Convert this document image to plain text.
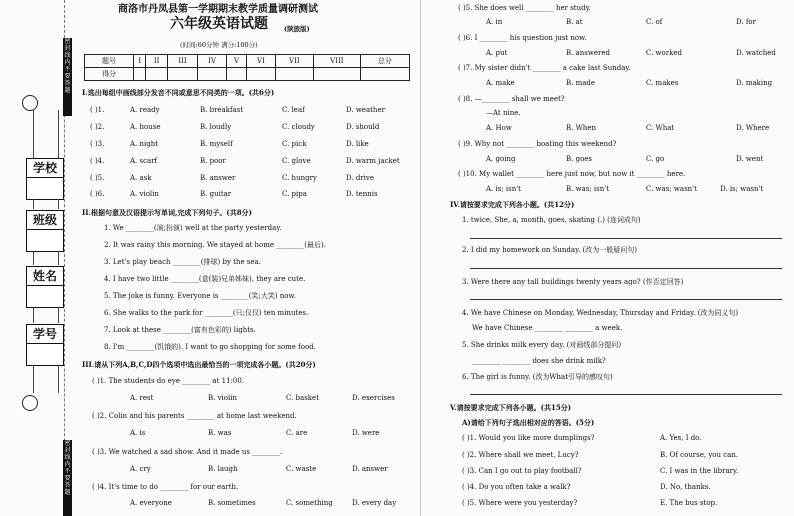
密封线内不要答题
密封线内不要答题
学校
班级
姓名
学号
商洛市丹凤县第一学期期末教学质量调研测试
六年级英语试题 (陕旅版)
(时间:60分钟 满分:100分)
题号	I	II	III	IV	V	VI	VII	VIII	总分
得分									
I.选出每组中画线部分发音不同或意思不同类的一项。(共6分)
( )1.	A. ready	B. breakfast	C. leaf	D. weather
( )2.	A. house	B. loudly	C. cloudy	D. should
( )3.	A. night	B. myself	C. pick	D. like
( )4.	A. scarf	B. poor	C. glove	D. warm jacket
( )5.	A. ask	B. answer	C. hungry	D. drive
( )6.	A. violin	B. guitar	C. pipa	D. tennis
II.根据句意及汉语提示写单词,完成下列句子。(共8分)
1. We ________(演;扮演) well at the party yesterday.
2. It was rainy this morning. We stayed at home ________(最后).
3. Let's play beach ________(排球) by the sea.
4. I have two little ________(盒(装)兄弟姊妹), they are cute.
5. The joke is funny. Everyone is ________(笑;大笑) now.
6. She walks to the park for ________(只;仅仅) ten minutes.
7. Look at these ________(富有色彩的) lights.
8. I'm ________(饥饿的). I want to go shopping for some food.
III.请从下列A,B,C,D四个选项中选出最恰当的一项完成各小题。(共20分)
( )1. The students do eye ________ at 11:00.
A. rest	B. violin	C. basket	D. exercises
( )2. Colin and his parents ________ at home last weekend.
A. is	B. was	C. are	D. were
( )3. We watched a sad show. And it made us ________.
A. cry	B. laugh	C. waste	D. answer
( )4. It's time to do ________ for our earth.
A. everyone	B. sometimes	C. something	D. every day
( )5. She does well ________ her study.
A. in	B. at	C. of	D. for
( )6. I ________ his question just now.
A. put	B. answered	C. worked	D. watched
( )7. My sister didn't ________ a cake last Sunday.
A. make	B. made	C. makes	D. making
( )8. —________ shall we meet?
—At nine.
A. How	B. When	C. What	D. Where
( )9. Why not ________ boating this weekend?
A. going	B. goes	C. go	D. went
( )10. My wallet ________ here just now, but now it ________ here.
A. is; isn't	B. was; isn't	C. was; wasn't	D. is; wasn't
IV.请按要求完成下列各小题。(共12分)
1. twice, She, a, month, goes, skating (.) (连词成句)
2. I did my homework on Sunday. (改为一般疑问句)
3. Were there any tall buildings twenty years ago? (作否定回答)
4. We have Chinese on Monday, Wednesday, Thursday and Friday. (改为同义句)
We have Chinese ________ ________ a week.
5. She drinks milk every day. (对画线部分提问)
________ ________ does she drink milk?
6. The girl is funny. (改为What引导的感叹句)
V.请按要求完成下列各小题。(共15分)
A)请给下列句子选出相对应的答语。(5分)
( )1. Would you like more dumplings?	A. Yes, I do.
( )2. Where shall we meet, Lucy?	B. Of course, you can.
( )3. Can I go out to play football?	C. I was in the library.
( )4. Do you often take a walk?	D. No, thanks.
( )5. Where were you yesterday?	E. The bus stop.
